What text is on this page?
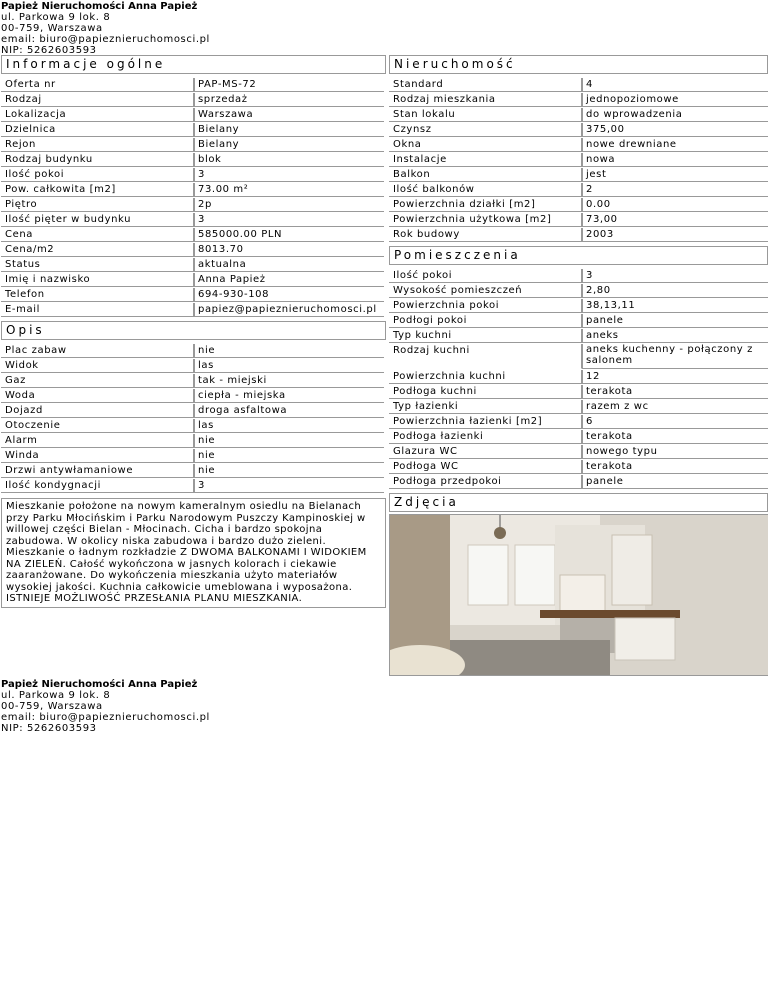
Papież Nieruchomości Anna Papież
ul. Parkowa 9 lok. 8
00-759, Warszawa
email: biuro@papieznieruchomosci.pl
NIP: 5262603593
Informacje ogólne
Oferta nr	PAP-MS-72
Rodzaj	sprzedaż
Lokalizacja	Warszawa
Dzielnica	Bielany
Rejon	Bielany
Rodzaj budynku	blok
Ilość pokoi	3
Pow. całkowita [m2]	73.00 m²
Piętro	2p
Ilość pięter w budynku	3
Cena	585000.00 PLN
Cena/m2	8013.70
Status	aktualna
Imię i nazwisko	Anna Papież
Telefon	694-930-108
E-mail	papiez@papieznieruchomosci.pl
Opis
Plac zabaw	nie
Widok	las
Gaz	tak - miejski
Woda	ciepła - miejska
Dojazd	droga asfaltowa
Otoczenie	las
Alarm	nie
Winda	nie
Drzwi antywłamaniowe	nie
Ilość kondygnacji	3
Mieszkanie położone na nowym kameralnym osiedlu na Bielanach przy Parku Młocińskim i Parku Narodowym Puszczy Kampinoskiej w willowej części Bielan - Młocinach. Cicha i bardzo spokojna zabudowa. W okolicy niska zabudowa i bardzo dużo zieleni. Mieszkanie o ładnym rozkładzie Z DWOMA BALKONAMI I WIDOKIEM NA ZIELEŃ. Całość wykończona w jasnych kolorach i ciekawie zaaranżowane. Do wykończenia mieszkania użyto materiałów wysokiej jakości. Kuchnia całkowicie umeblowana i wyposażona. ISTNIEJE MOŻLIWOŚĆ PRZESŁANIA PLANU MIESZKANIA.
Nieruchomość
Standard	4
Rodzaj mieszkania	jednopoziomowe
Stan lokalu	do wprowadzenia
Czynsz	375,00
Okna	nowe drewniane
Instalacje	nowa
Balkon	jest
Ilość balkonów	2
Powierzchnia działki [m2]	0.00
Powierzchnia użytkowa [m2]	73,00
Rok budowy	2003
Pomieszczenia
Ilość pokoi	3
Wysokość pomieszczeń	2,80
Powierzchnia pokoi	38,13,11
Podłogi pokoi	panele
Typ kuchni	aneks
Rodzaj kuchni	aneks kuchenny - połączony z salonem
Powierzchnia kuchni	12
Podłoga kuchni	terakota
Typ łazienki	razem z wc
Powierzchnia łazienki [m2]	6
Podłoga łazienki	terakota
Glazura WC	nowego typu
Podłoga WC	terakota
Podłoga przedpokoi	panele
Zdjęcia
Papież Nieruchomości Anna Papież
ul. Parkowa 9 lok. 8
00-759, Warszawa
email: biuro@papieznieruchomosci.pl
NIP: 5262603593
